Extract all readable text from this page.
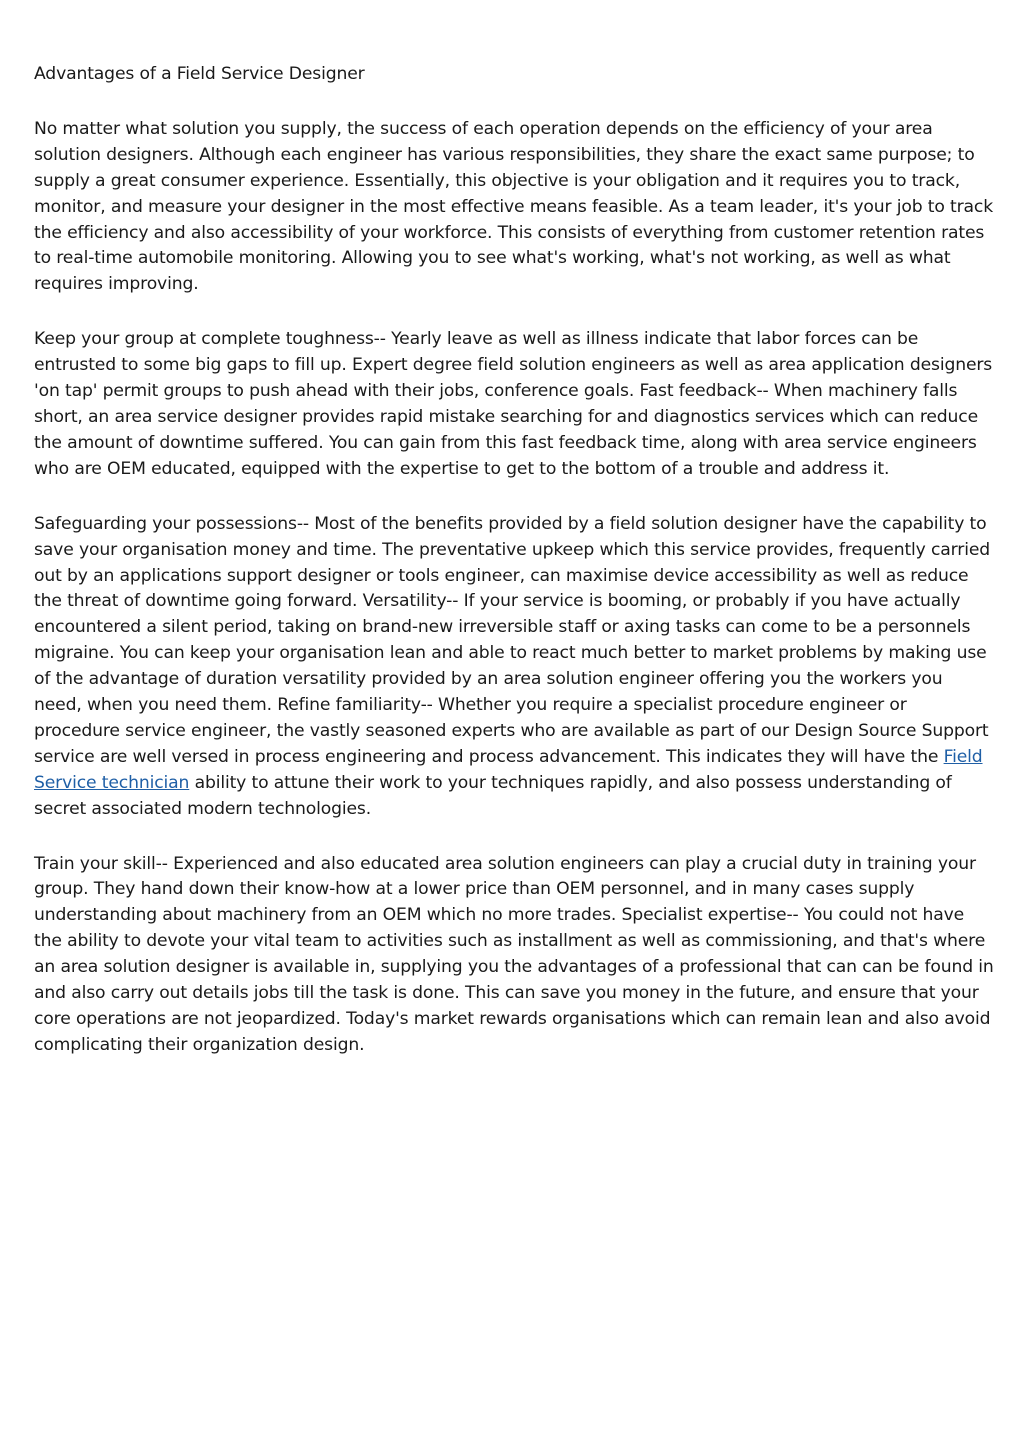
Advantages of a Field Service Designer

No matter what solution you supply, the success of each operation depends on the efficiency of your area solution designers. Although each engineer has various responsibilities, they share the exact same purpose; to supply a great consumer experience. Essentially, this objective is your obligation and it requires you to track, monitor, and measure your designer in the most effective means feasible. As a team leader, it's your job to track the efficiency and also accessibility of your workforce. This consists of everything from customer retention rates to real-time automobile monitoring. Allowing you to see what's working, what's not working, as well as what requires improving.

Keep your group at complete toughness-- Yearly leave as well as illness indicate that labor forces can be entrusted to some big gaps to fill up. Expert degree field solution engineers as well as area application designers 'on tap' permit groups to push ahead with their jobs, conference goals. Fast feedback-- When machinery falls short, an area service designer provides rapid mistake searching for and diagnostics services which can reduce the amount of downtime suffered. You can gain from this fast feedback time, along with area service engineers who are OEM educated, equipped with the expertise to get to the bottom of a trouble and address it.

Safeguarding your possessions-- Most of the benefits provided by a field solution designer have the capability to save your organisation money and time. The preventative upkeep which this service provides, frequently carried out by an applications support designer or tools engineer, can maximise device accessibility as well as reduce the threat of downtime going forward. Versatility-- If your service is booming, or probably if you have actually encountered a silent period, taking on brand-new irreversible staff or axing tasks can come to be a personnels migraine. You can keep your organisation lean and able to react much better to market problems by making use of the advantage of duration versatility provided by an area solution engineer offering you the workers you need, when you need them. Refine familiarity-- Whether you require a specialist procedure engineer or procedure service engineer, the vastly seasoned experts who are available as part of our Design Source Support service are well versed in process engineering and process advancement. This indicates they will have the Field Service technician ability to attune their work to your techniques rapidly, and also possess understanding of secret associated modern technologies.

Train your skill-- Experienced and also educated area solution engineers can play a crucial duty in training your group. They hand down their know-how at a lower price than OEM personnel, and in many cases supply understanding about machinery from an OEM which no more trades. Specialist expertise-- You could not have the ability to devote your vital team to activities such as installment as well as commissioning, and that's where an area solution designer is available in, supplying you the advantages of a professional that can can be found in and also carry out details jobs till the task is done. This can save you money in the future, and ensure that your core operations are not jeopardized. Today's market rewards organisations which can remain lean and also avoid complicating their organization design.
